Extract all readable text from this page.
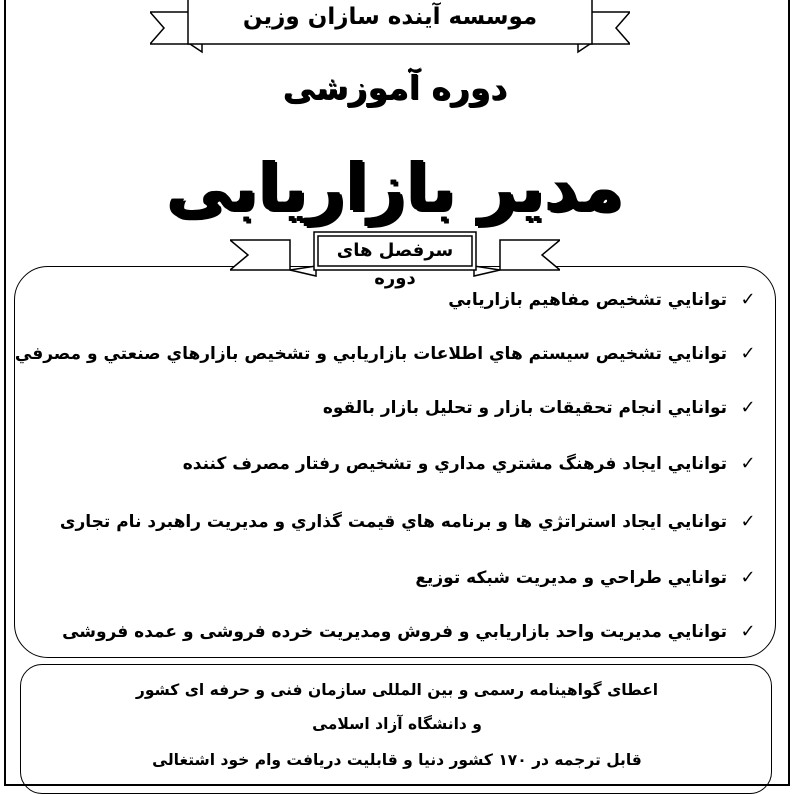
موسسه آینده سازان وزین
دوره آموزشی
مدیر بازاریابی
✓توانايي تشخيص مفاهيم بازاريابي
✓توانايي تشخيص سيستم هاي اطلاعات بازاريابي و تشخيص بازارهاي صنعتي و مصرفي
✓توانايي انجام تحقيقات بازار و تحليل بازار بالقوه
✓توانايي ايجاد فرهنگ مشتري مداري و تشخيص رفتار مصرف كننده
✓توانايي ايجاد استراتژي ها و برنامه هاي قيمت گذاري و مديريت راهبرد نام تجاری
✓توانايي طراحي و مديريت شبكه توزيع
✓توانايي مديريت واحد بازاريابي و فروش ومدیریت خرده فروشی و عمده فروشی
سرفصل های دوره
اعطای گواهینامه رسمی و بین المللی سازمان فنی و حرفه ای کشور
و دانشگاه آزاد اسلامی
قابل ترجمه در ۱۷۰ کشور دنیا و قابلیت دریافت وام خود اشتغالی
